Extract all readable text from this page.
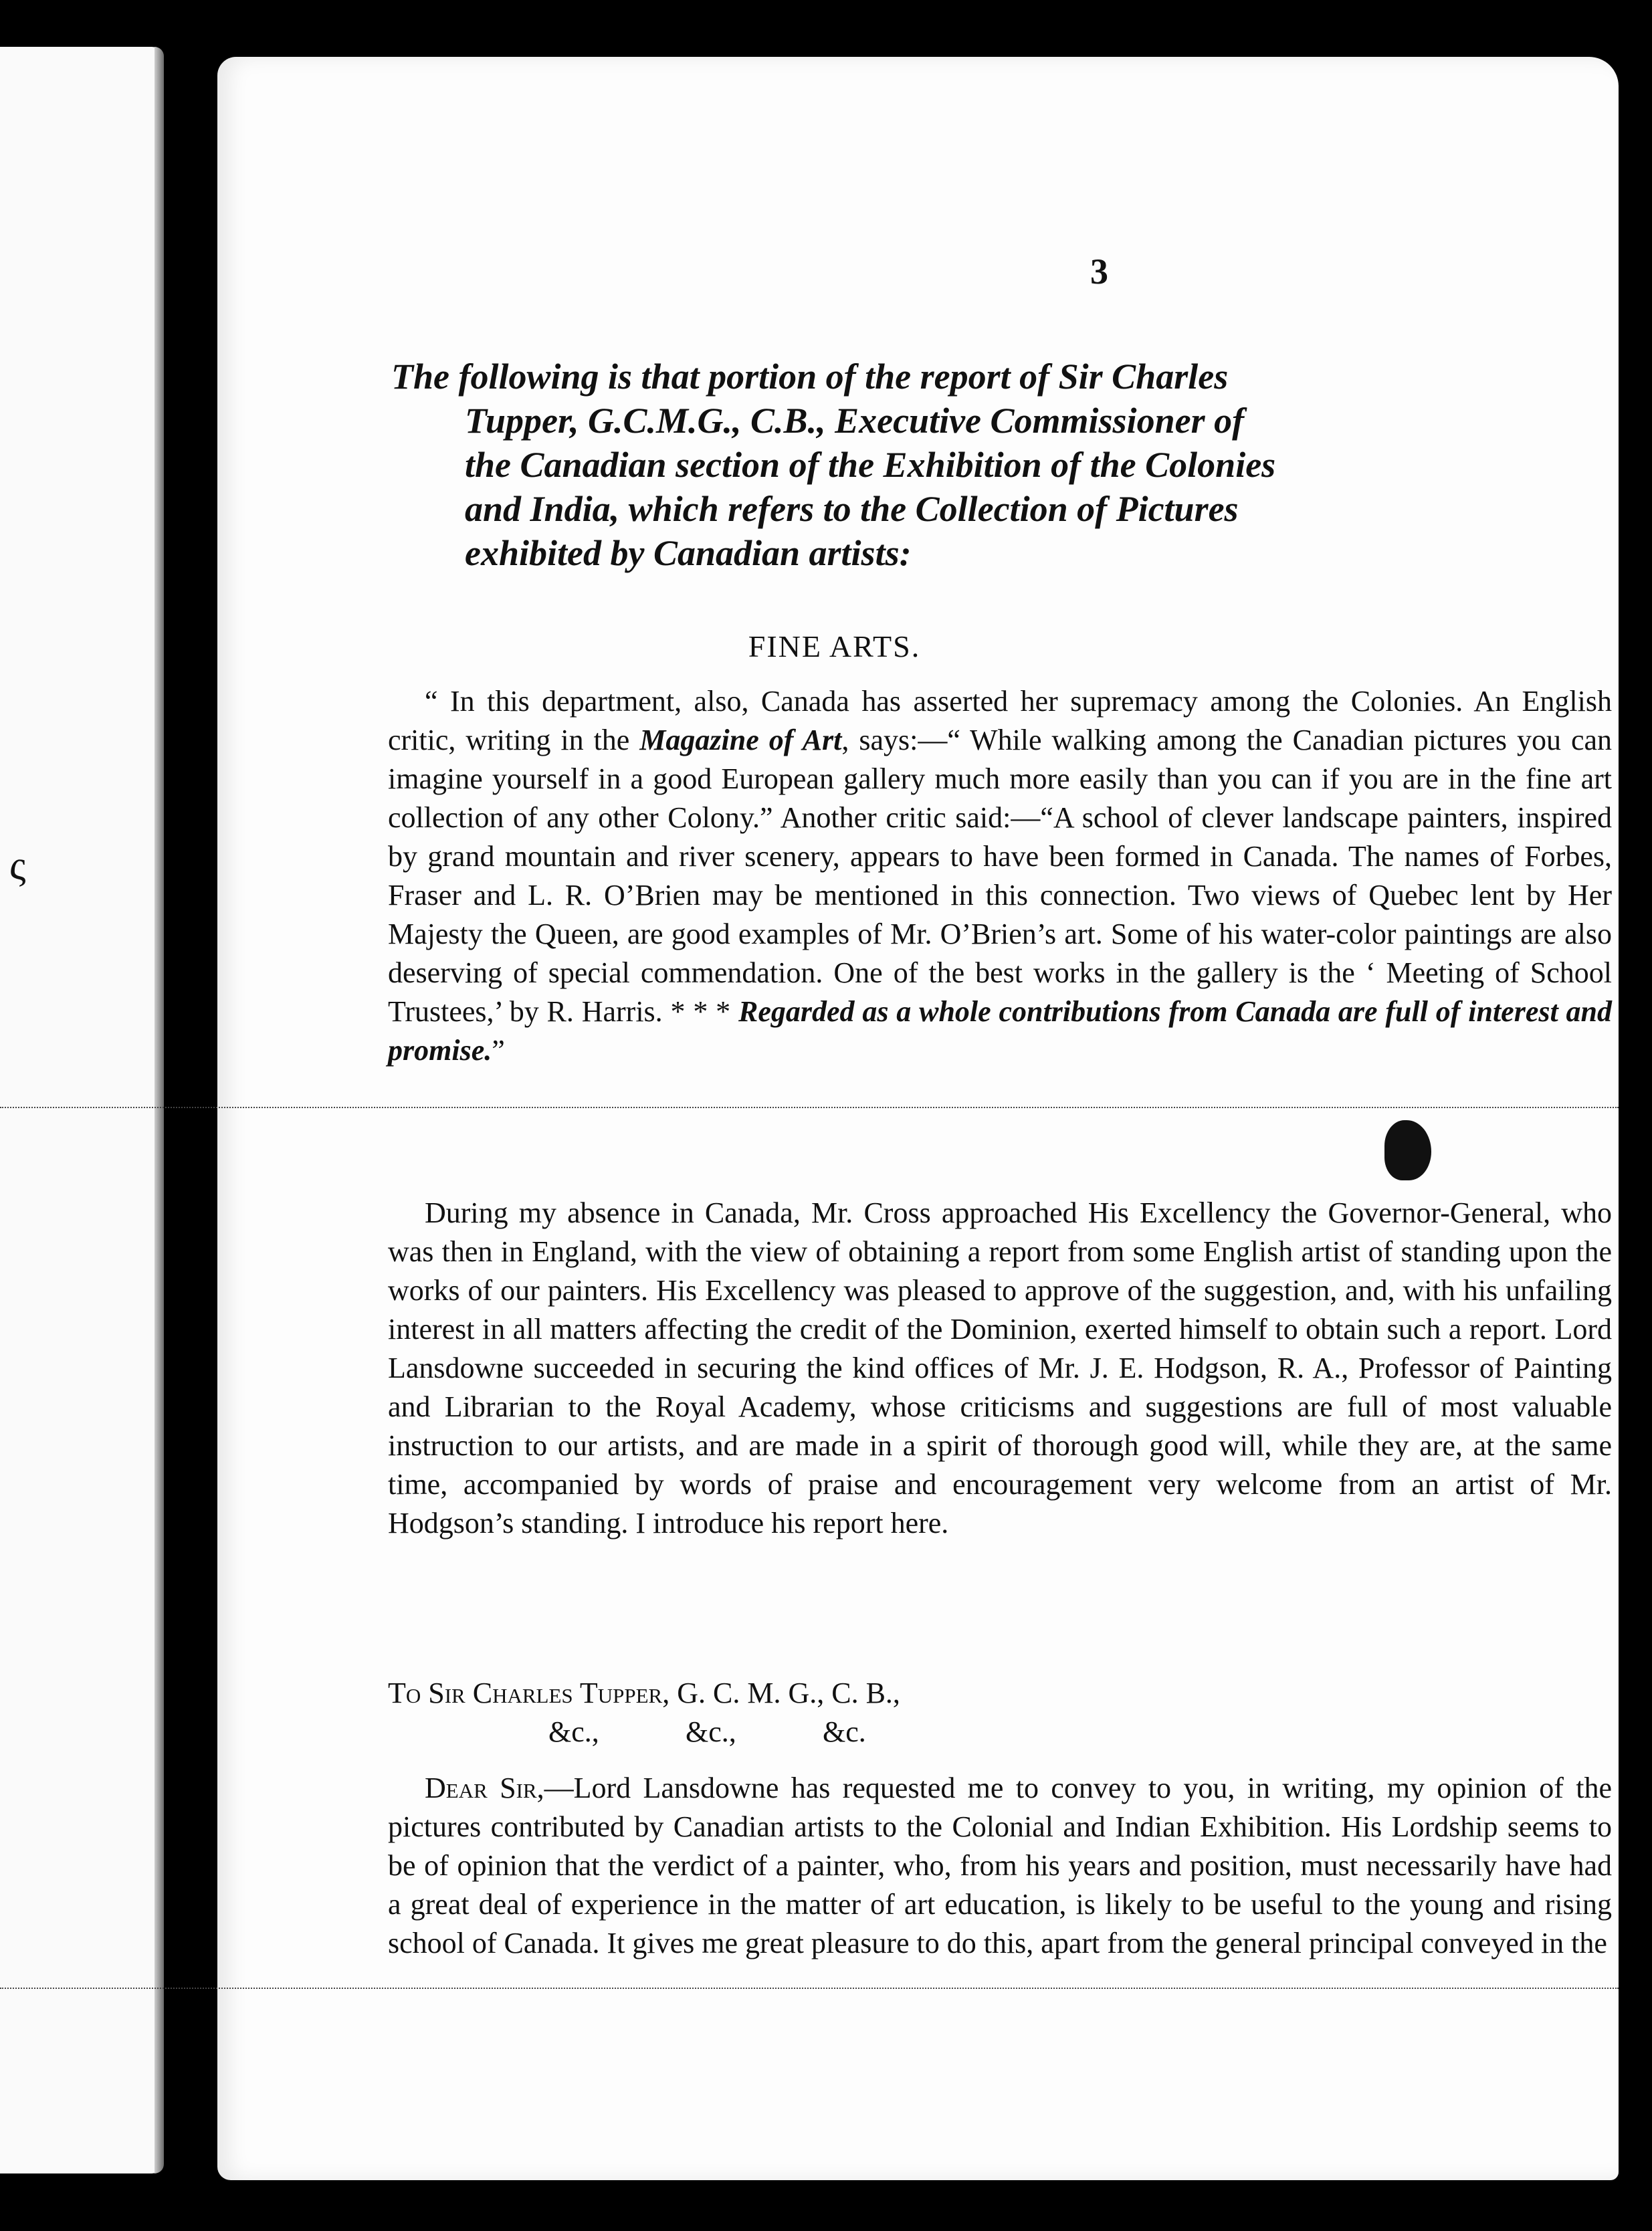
ς
3
The following is that portion of the report of Sir Charles
Tupper, G.C.M.G., C.B., Executive Commissioner of
the Canadian section of the Exhibition of the Colonies
and India, which refers to the Collection of Pictures
exhibited by Canadian artists:
FINE ARTS.

“ In this department, also, Canada has asserted her supremacy among the Colonies. An English critic, writing in the Magazine of Art, says:—“ While walking among the Canadian pictures you can imagine yourself in a good European gallery much more easily than you can if you are in the fine art collection of any other Colony.” Another critic said:—“A school of clever landscape painters, inspired by grand mountain and river scenery, appears to have been formed in Canada. The names of Forbes, Fraser and L. R. O’Brien may be mentioned in this connection. Two views of Quebec lent by Her Majesty the Queen, are good examples of Mr. O’Brien’s art. Some of his water-color paintings are also deserving of special commendation. One of the best works in the gallery is the ‘ Meeting of School Trustees,’ by R. Harris. * * * Regarded as a whole contributions from Canada are full of interest and promise.”

During my absence in Canada, Mr. Cross approached His Excellency the Governor-General, who was then in England, with the view of obtaining a report from some English artist of standing upon the works of our painters. His Excellency was pleased to approve of the suggestion, and, with his unfailing interest in all matters affecting the credit of the Dominion, exerted himself to obtain such a report. Lord Lansdowne succeeded in securing the kind offices of Mr. J. E. Hodgson, R. A., Professor of Painting and Librarian to the Royal Academy, whose criticisms and suggestions are full of most valuable instruction to our artists, and are made in a spirit of thorough good will, while they are, at the same time, accompanied by words of praise and encouragement very welcome from an artist of Mr. Hodgson’s standing. I introduce his report here.

To Sir Charles Tupper, G. C. M. G., C. B.,
&c.,	&c.,	&c.

Dear Sir,—Lord Lansdowne has requested me to convey to you, in writing, my opinion of the pictures contributed by Canadian artists to the Colonial and Indian Exhibition. His Lordship seems to be of opinion that the verdict of a painter, who, from his years and position, must necessarily have had a great deal of experience in the matter of art education, is likely to be useful to the young and rising school of Canada. It gives me great pleasure to do this, apart from the general principal conveyed in the
